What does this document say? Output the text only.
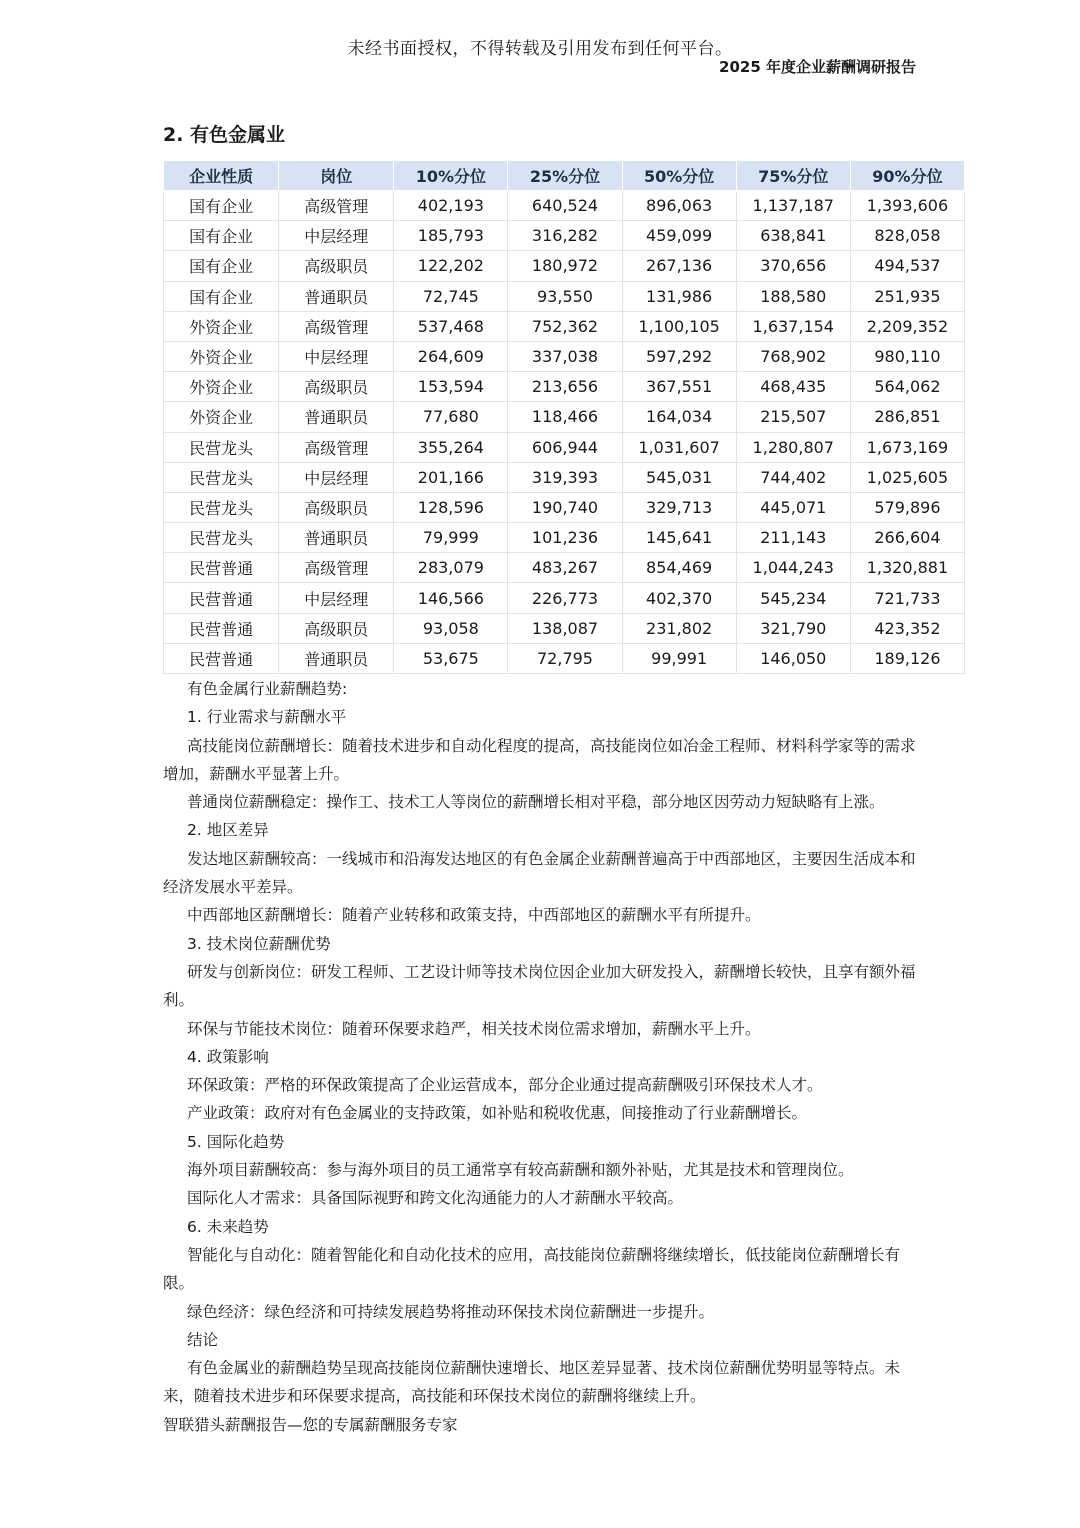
未经书面授权，不得转载及引用发布到任何平台。
2025 年度企业薪酬调研报告
2. 有色金属业
企业性质	岗位	10%分位	25%分位	50%分位	75%分位	90%分位
国有企业	高级管理	402,193	640,524	896,063	1,137,187	1,393,606
国有企业	中层经理	185,793	316,282	459,099	638,841	828,058
国有企业	高级职员	122,202	180,972	267,136	370,656	494,537
国有企业	普通职员	72,745	93,550	131,986	188,580	251,935
外资企业	高级管理	537,468	752,362	1,100,105	1,637,154	2,209,352
外资企业	中层经理	264,609	337,038	597,292	768,902	980,110
外资企业	高级职员	153,594	213,656	367,551	468,435	564,062
外资企业	普通职员	77,680	118,466	164,034	215,507	286,851
民营龙头	高级管理	355,264	606,944	1,031,607	1,280,807	1,673,169
民营龙头	中层经理	201,166	319,393	545,031	744,402	1,025,605
民营龙头	高级职员	128,596	190,740	329,713	445,071	579,896
民营龙头	普通职员	79,999	101,236	145,641	211,143	266,604
民营普通	高级管理	283,079	483,267	854,469	1,044,243	1,320,881
民营普通	中层经理	146,566	226,773	402,370	545,234	721,733
民营普通	高级职员	93,058	138,087	231,802	321,790	423,352
民营普通	普通职员	53,675	72,795	99,991	146,050	189,126

有色金属行业薪酬趋势:

1. 行业需求与薪酬水平

高技能岗位薪酬增长：随着技术进步和自动化程度的提高，高技能岗位如冶金工程师、材料科学家等的需求增加，薪酬水平显著上升。

普通岗位薪酬稳定：操作工、技术工人等岗位的薪酬增长相对平稳，部分地区因劳动力短缺略有上涨。

2. 地区差异

发达地区薪酬较高：一线城市和沿海发达地区的有色金属企业薪酬普遍高于中西部地区，主要因生活成本和经济发展水平差异。

中西部地区薪酬增长：随着产业转移和政策支持，中西部地区的薪酬水平有所提升。

3. 技术岗位薪酬优势

研发与创新岗位：研发工程师、工艺设计师等技术岗位因企业加大研发投入，薪酬增长较快，且享有额外福利。

环保与节能技术岗位：随着环保要求趋严，相关技术岗位需求增加，薪酬水平上升。

4. 政策影响

环保政策：严格的环保政策提高了企业运营成本，部分企业通过提高薪酬吸引环保技术人才。

产业政策：政府对有色金属业的支持政策，如补贴和税收优惠，间接推动了行业薪酬增长。

5. 国际化趋势

海外项目薪酬较高：参与海外项目的员工通常享有较高薪酬和额外补贴，尤其是技术和管理岗位。

国际化人才需求：具备国际视野和跨文化沟通能力的人才薪酬水平较高。

6. 未来趋势

智能化与自动化：随着智能化和自动化技术的应用，高技能岗位薪酬将继续增长，低技能岗位薪酬增长有限。

绿色经济：绿色经济和可持续发展趋势将推动环保技术岗位薪酬进一步提升。

结论

有色金属业的薪酬趋势呈现高技能岗位薪酬快速增长、地区差异显著、技术岗位薪酬优势明显等特点。未来，随着技术进步和环保要求提高，高技能和环保技术岗位的薪酬将继续上升。

智联猎头薪酬报告—您的专属薪酬服务专家
